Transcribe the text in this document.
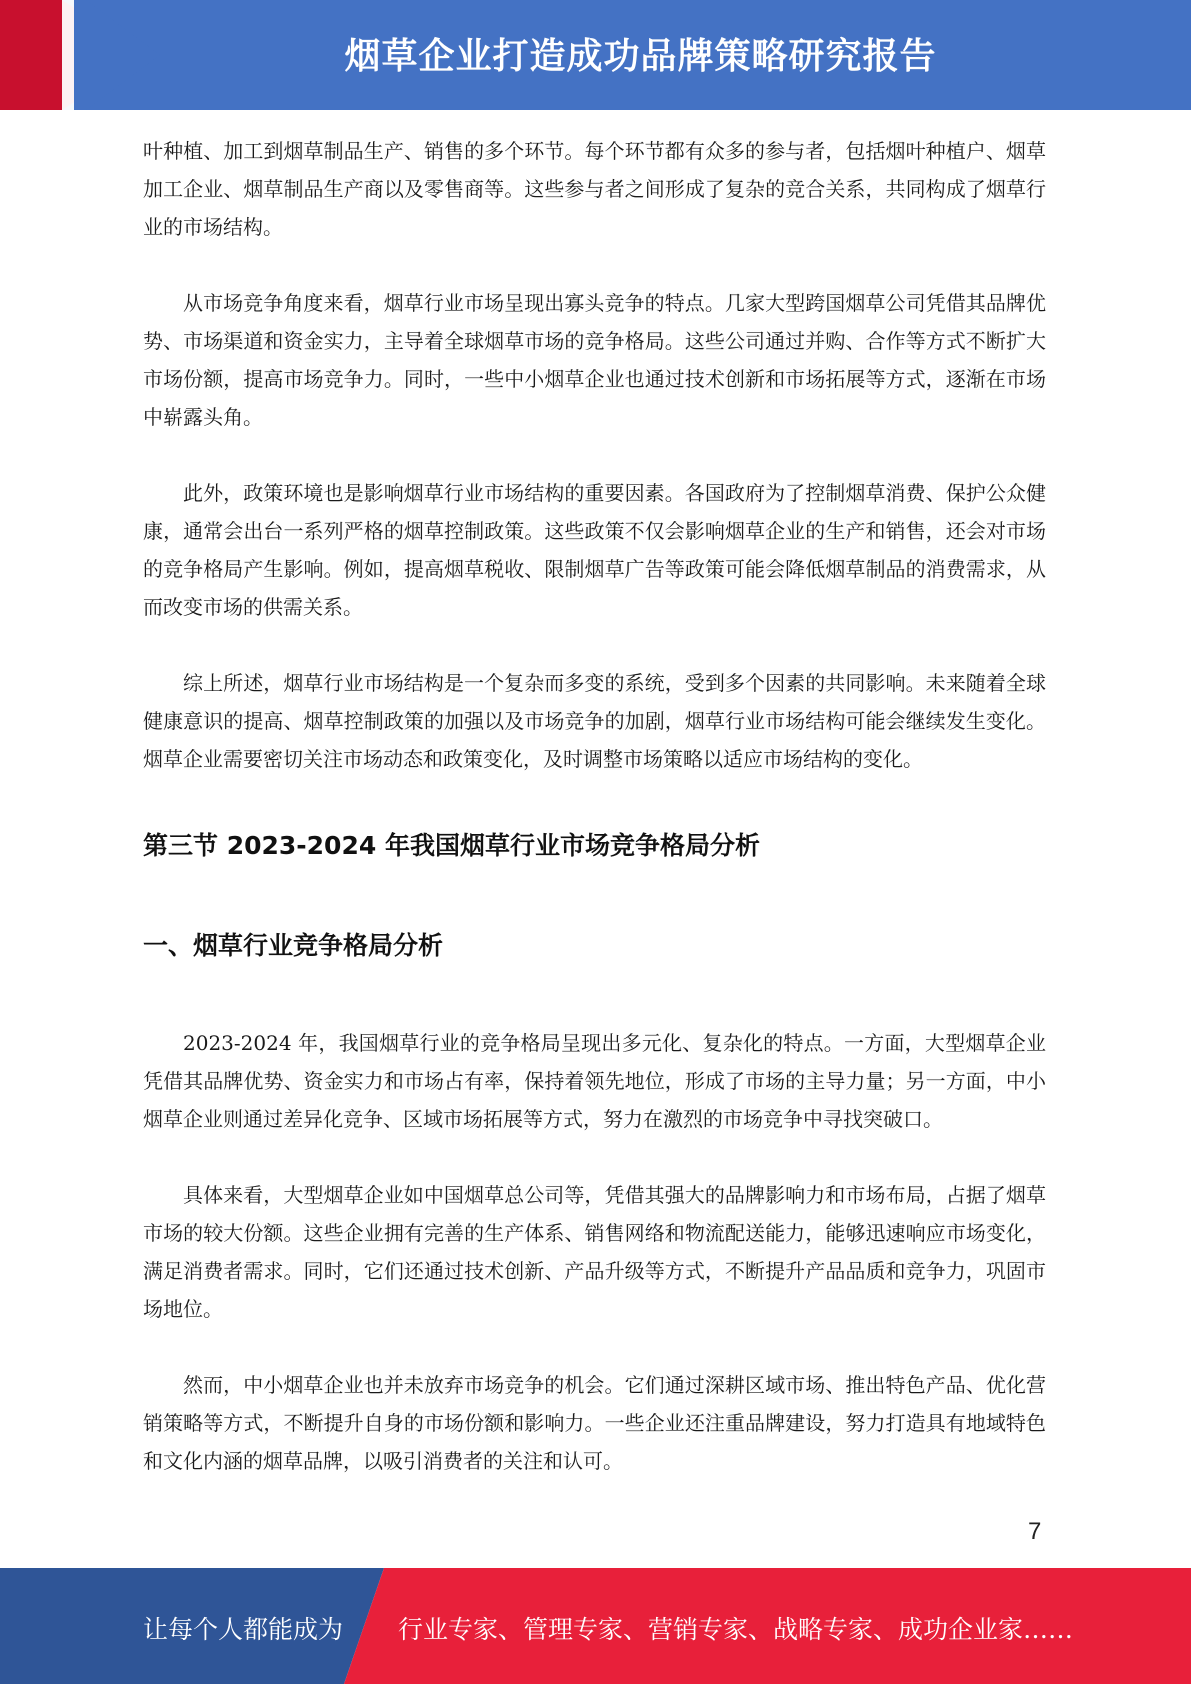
烟草企业打造成功品牌策略研究报告

叶种植、加工到烟草制品生产、销售的多个环节。每个环节都有众多的参与者，包括烟叶种植户、烟草加工企业、烟草制品生产商以及零售商等。这些参与者之间形成了复杂的竞合关系，共同构成了烟草行业的市场结构。

从市场竞争角度来看，烟草行业市场呈现出寡头竞争的特点。几家大型跨国烟草公司凭借其品牌优势、市场渠道和资金实力，主导着全球烟草市场的竞争格局。这些公司通过并购、合作等方式不断扩大市场份额，提高市场竞争力。同时，一些中小烟草企业也通过技术创新和市场拓展等方式，逐渐在市场中崭露头角。

此外，政策环境也是影响烟草行业市场结构的重要因素。各国政府为了控制烟草消费、保护公众健康，通常会出台一系列严格的烟草控制政策。这些政策不仅会影响烟草企业的生产和销售，还会对市场的竞争格局产生影响。例如，提高烟草税收、限制烟草广告等政策可能会降低烟草制品的消费需求，从而改变市场的供需关系。

综上所述，烟草行业市场结构是一个复杂而多变的系统，受到多个因素的共同影响。未来随着全球健康意识的提高、烟草控制政策的加强以及市场竞争的加剧，烟草行业市场结构可能会继续发生变化。烟草企业需要密切关注市场动态和政策变化，及时调整市场策略以适应市场结构的变化。

第三节 2023-2024 年我国烟草行业市场竞争格局分析
一、烟草行业竞争格局分析

2023-2024 年，我国烟草行业的竞争格局呈现出多元化、复杂化的特点。一方面，大型烟草企业凭借其品牌优势、资金实力和市场占有率，保持着领先地位，形成了市场的主导力量；另一方面，中小烟草企业则通过差异化竞争、区域市场拓展等方式，努力在激烈的市场竞争中寻找突破口。

具体来看，大型烟草企业如中国烟草总公司等，凭借其强大的品牌影响力和市场布局，占据了烟草市场的较大份额。这些企业拥有完善的生产体系、销售网络和物流配送能力，能够迅速响应市场变化，满足消费者需求。同时，它们还通过技术创新、产品升级等方式，不断提升产品品质和竞争力，巩固市场地位。

然而，中小烟草企业也并未放弃市场竞争的机会。它们通过深耕区域市场、推出特色产品、优化营销策略等方式，不断提升自身的市场份额和影响力。一些企业还注重品牌建设，努力打造具有地域特色和文化内涵的烟草品牌，以吸引消费者的关注和认可。

7
让每个人都能成为 行业专家、管理专家、营销专家、战略专家、成功企业家……
